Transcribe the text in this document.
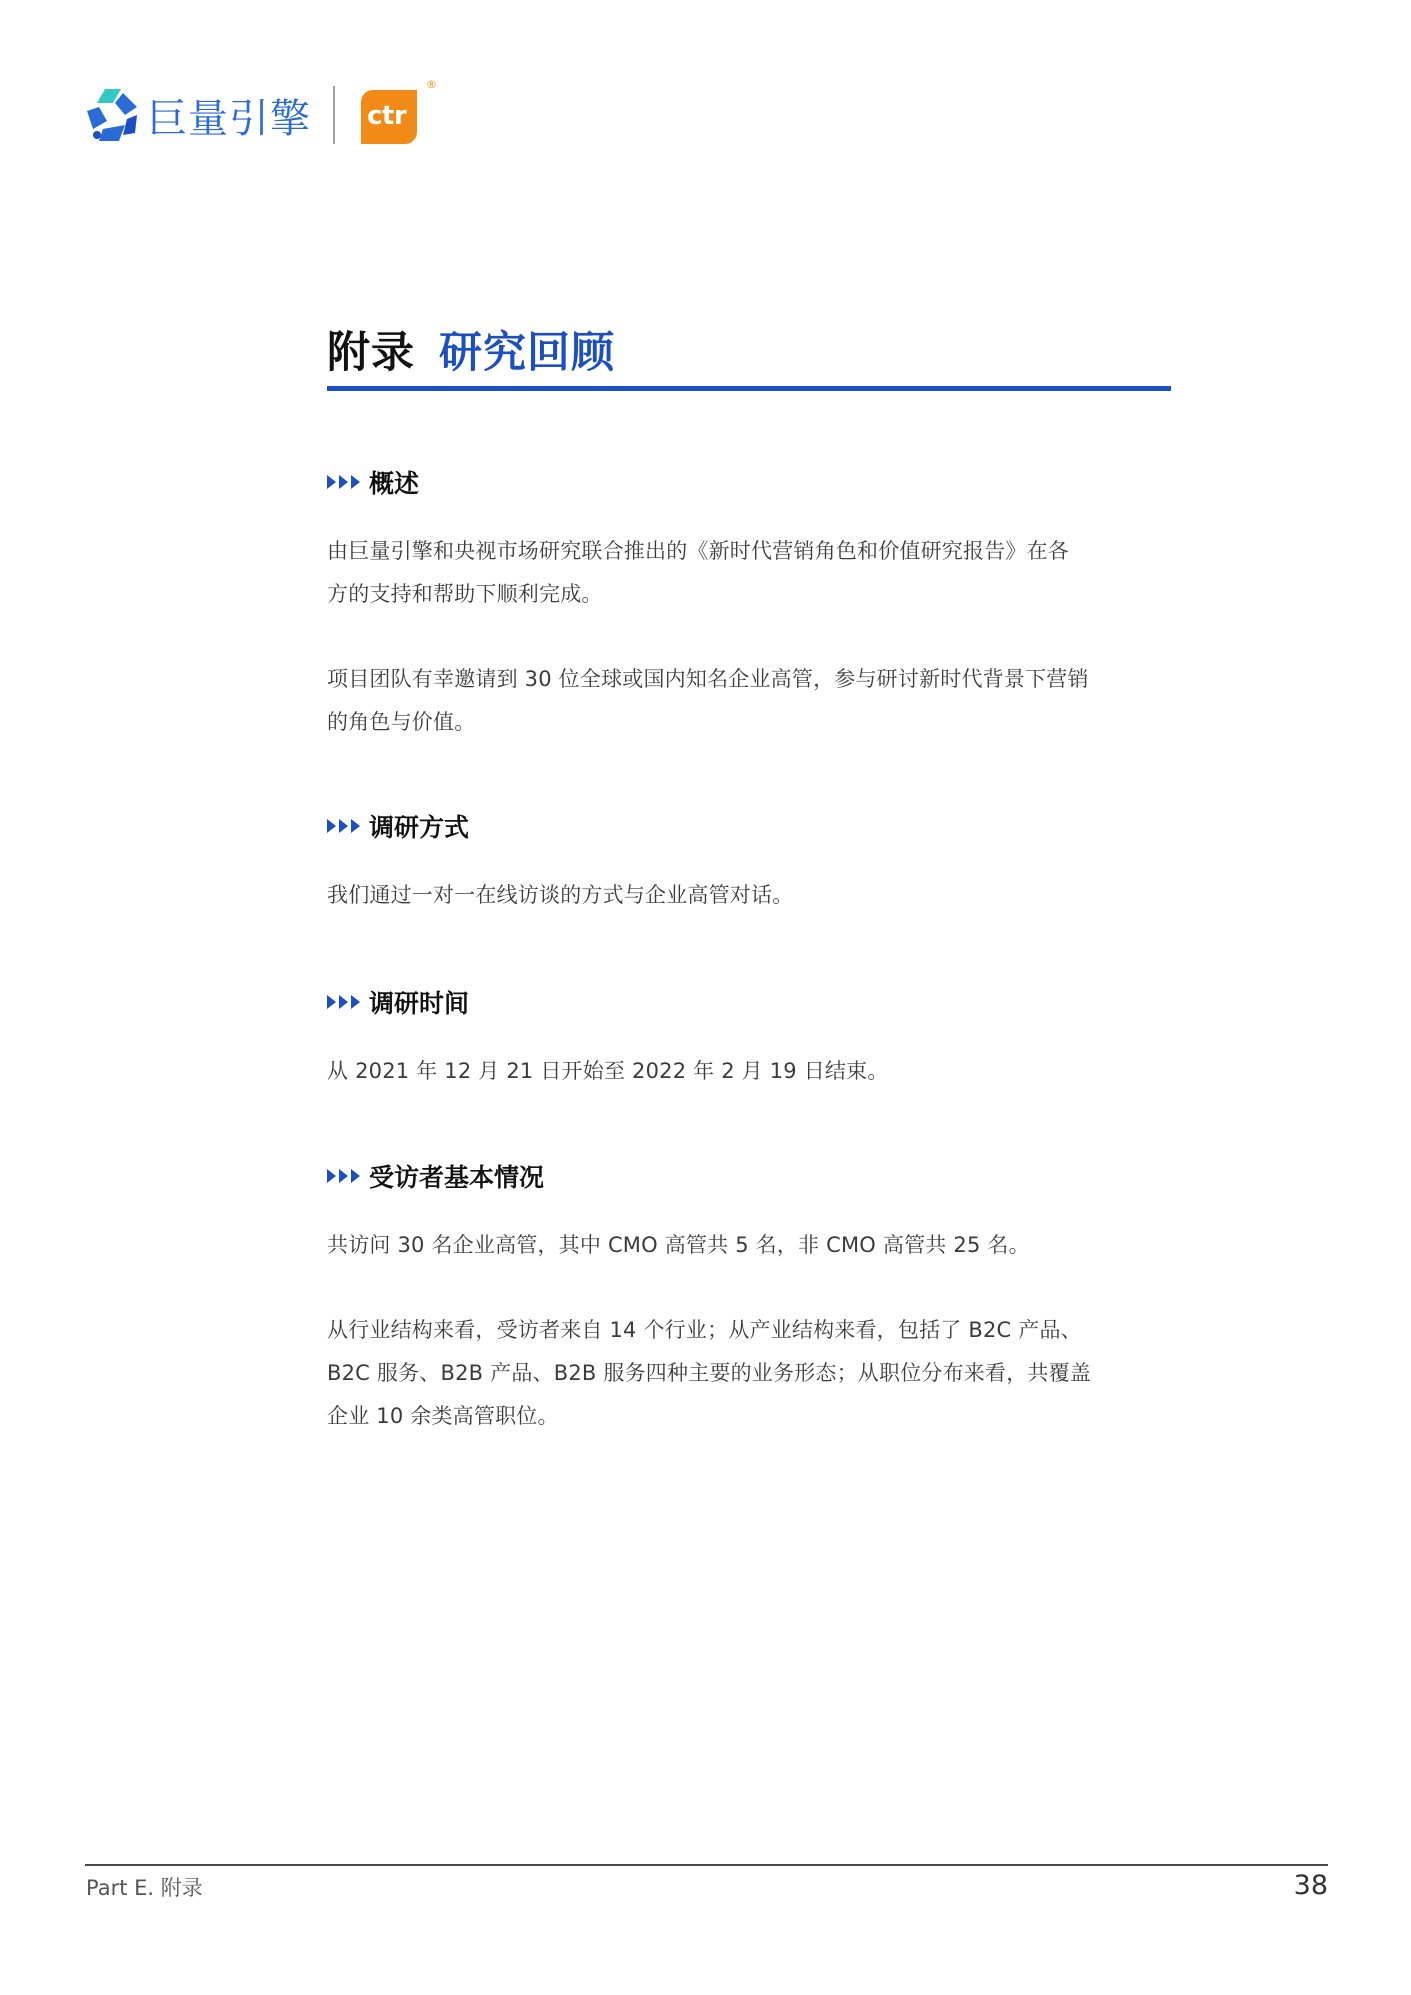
巨量引擎 ctr
®
附录 研究回顾
概述

由巨量引擎和央视市场研究联合推出的《新时代营销角色和价值研究报告》在各
方的支持和帮助下顺利完成。

项目团队有幸邀请到 30 位全球或国内知名企业高管，参与研讨新时代背景下营销
的角色与价值。

调研方式

我们通过一对一在线访谈的方式与企业高管对话。

调研时间

从 2021 年 12 月 21 日开始至 2022 年 2 月 19 日结束。

受访者基本情况

共访问 30 名企业高管，其中 CMO 高管共 5 名，非 CMO 高管共 25 名。

从行业结构来看，受访者来自 14 个行业；从产业结构来看，包括了 B2C 产品、
B2C 服务、B2B 产品、B2B 服务四种主要的业务形态；从职位分布来看，共覆盖
企业 10 余类高管职位。

Part E. 附录	38
